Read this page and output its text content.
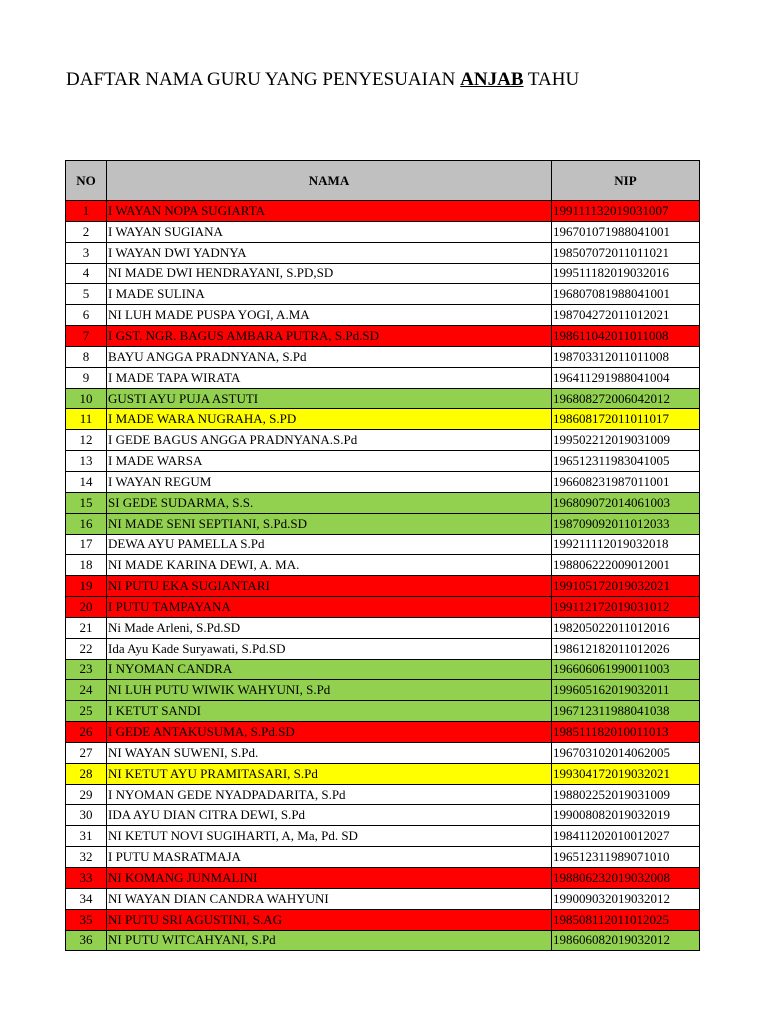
DAFTAR NAMA GURU YANG PENYESUAIAN ANJAB TAHU
NO	NAMA	NIP
1	I WAYAN NOPA SUGIARTA	199111132019031007
2	I WAYAN SUGIANA	196701071988041001
3	I WAYAN DWI YADNYA	198507072011011021
4	NI MADE DWI HENDRAYANI, S.PD,SD	199511182019032016
5	I MADE SULINA	196807081988041001
6	NI LUH MADE PUSPA YOGI, A.MA	198704272011012021
7	I GST. NGR. BAGUS AMBARA PUTRA, S.Pd.SD	198611042011011008
8	BAYU ANGGA PRADNYANA, S.Pd	198703312011011008
9	I MADE TAPA WIRATA	196411291988041004
10	GUSTI AYU PUJA ASTUTI	196808272006042012
11	I MADE WARA NUGRAHA, S.PD	198608172011011017
12	I GEDE BAGUS ANGGA PRADNYANA.S.Pd	199502212019031009
13	I MADE WARSA	196512311983041005
14	I WAYAN REGUM	196608231987011001
15	SI GEDE SUDARMA, S.S.	196809072014061003
16	NI MADE SENI SEPTIANI, S.Pd.SD	198709092011012033
17	DEWA AYU PAMELLA S.Pd	199211112019032018
18	NI MADE KARINA DEWI, A. MA.	198806222009012001
19	NI PUTU EKA SUGIANTARI	199105172019032021
20	I PUTU TAMPAYANA	199112172019031012
21	Ni Made Arleni, S.Pd.SD	198205022011012016
22	Ida Ayu Kade Suryawati, S.Pd.SD	198612182011012026
23	I NYOMAN CANDRA	196606061990011003
24	NI LUH PUTU WIWIK WAHYUNI, S.Pd	199605162019032011
25	I KETUT SANDI	196712311988041038
26	I GEDE ANTAKUSUMA, S.Pd.SD	198511182010011013
27	NI WAYAN SUWENI, S.Pd.	196703102014062005
28	NI KETUT AYU PRAMITASARI, S.Pd	199304172019032021
29	I NYOMAN GEDE NYADPADARITA, S.Pd	198802252019031009
30	IDA AYU DIAN CITRA DEWI, S.Pd	199008082019032019
31	NI KETUT NOVI SUGIHARTI, A, Ma, Pd. SD	198411202010012027
32	I PUTU MASRATMAJA	196512311989071010
33	NI KOMANG JUNMALINI	198806232019032008
34	NI WAYAN DIAN CANDRA WAHYUNI	199009032019032012
35	NI PUTU SRI AGUSTINI, S.AG	198508112011012025
36	NI PUTU WITCAHYANI, S.Pd	198606082019032012
